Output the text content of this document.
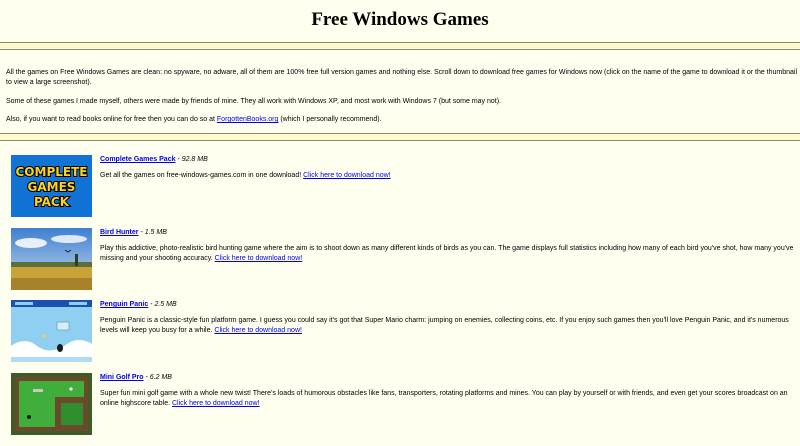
Free Windows Games

All the games on Free Windows Games are clean: no spyware, no adware, all of them are 100% free full version games and nothing else. Scroll down to download free games for Windows now (click on the name of the game to download it or the thumbnail to view a large screenshot).

Some of these games I made myself, others were made by friends of mine. They all work with Windows XP, and most work with Windows 7 (but some may not).

Also, if you want to read books online for free then you can do so at ForgottenBooks.org (which I personally recommend).

COMPLETE
GAMES
PACK
Complete Games Pack - 92.8 MB

Get all the games on free-windows-games.com in one download! Click here to download now!

Bird Hunter - 1.5 MB

Play this addictive, photo-realistic bird hunting game where the aim is to shoot down as many different kinds of birds as you can. The game displays full statistics including how many of each bird you've shot, how many you've missing and your shooting accuracy. Click here to download now!

Penguin Panic - 2.5 MB

Penguin Panic is a classic-style fun platform game. I guess you could say it's got that Super Mario charm: jumping on enemies, collecting coins, etc. If you enjoy such games then you'll love Penguin Panic, and it's numerous levels will keep you busy for a while. Click here to download now!

Mini Golf Pro - 6.2 MB

Super fun mini golf game with a whole new twist! There's loads of humorous obstacles like fans, transporters, rotating platforms and mines. You can play by yourself or with friends, and even get your scores broadcast on an online highscore table. Click here to download now!
